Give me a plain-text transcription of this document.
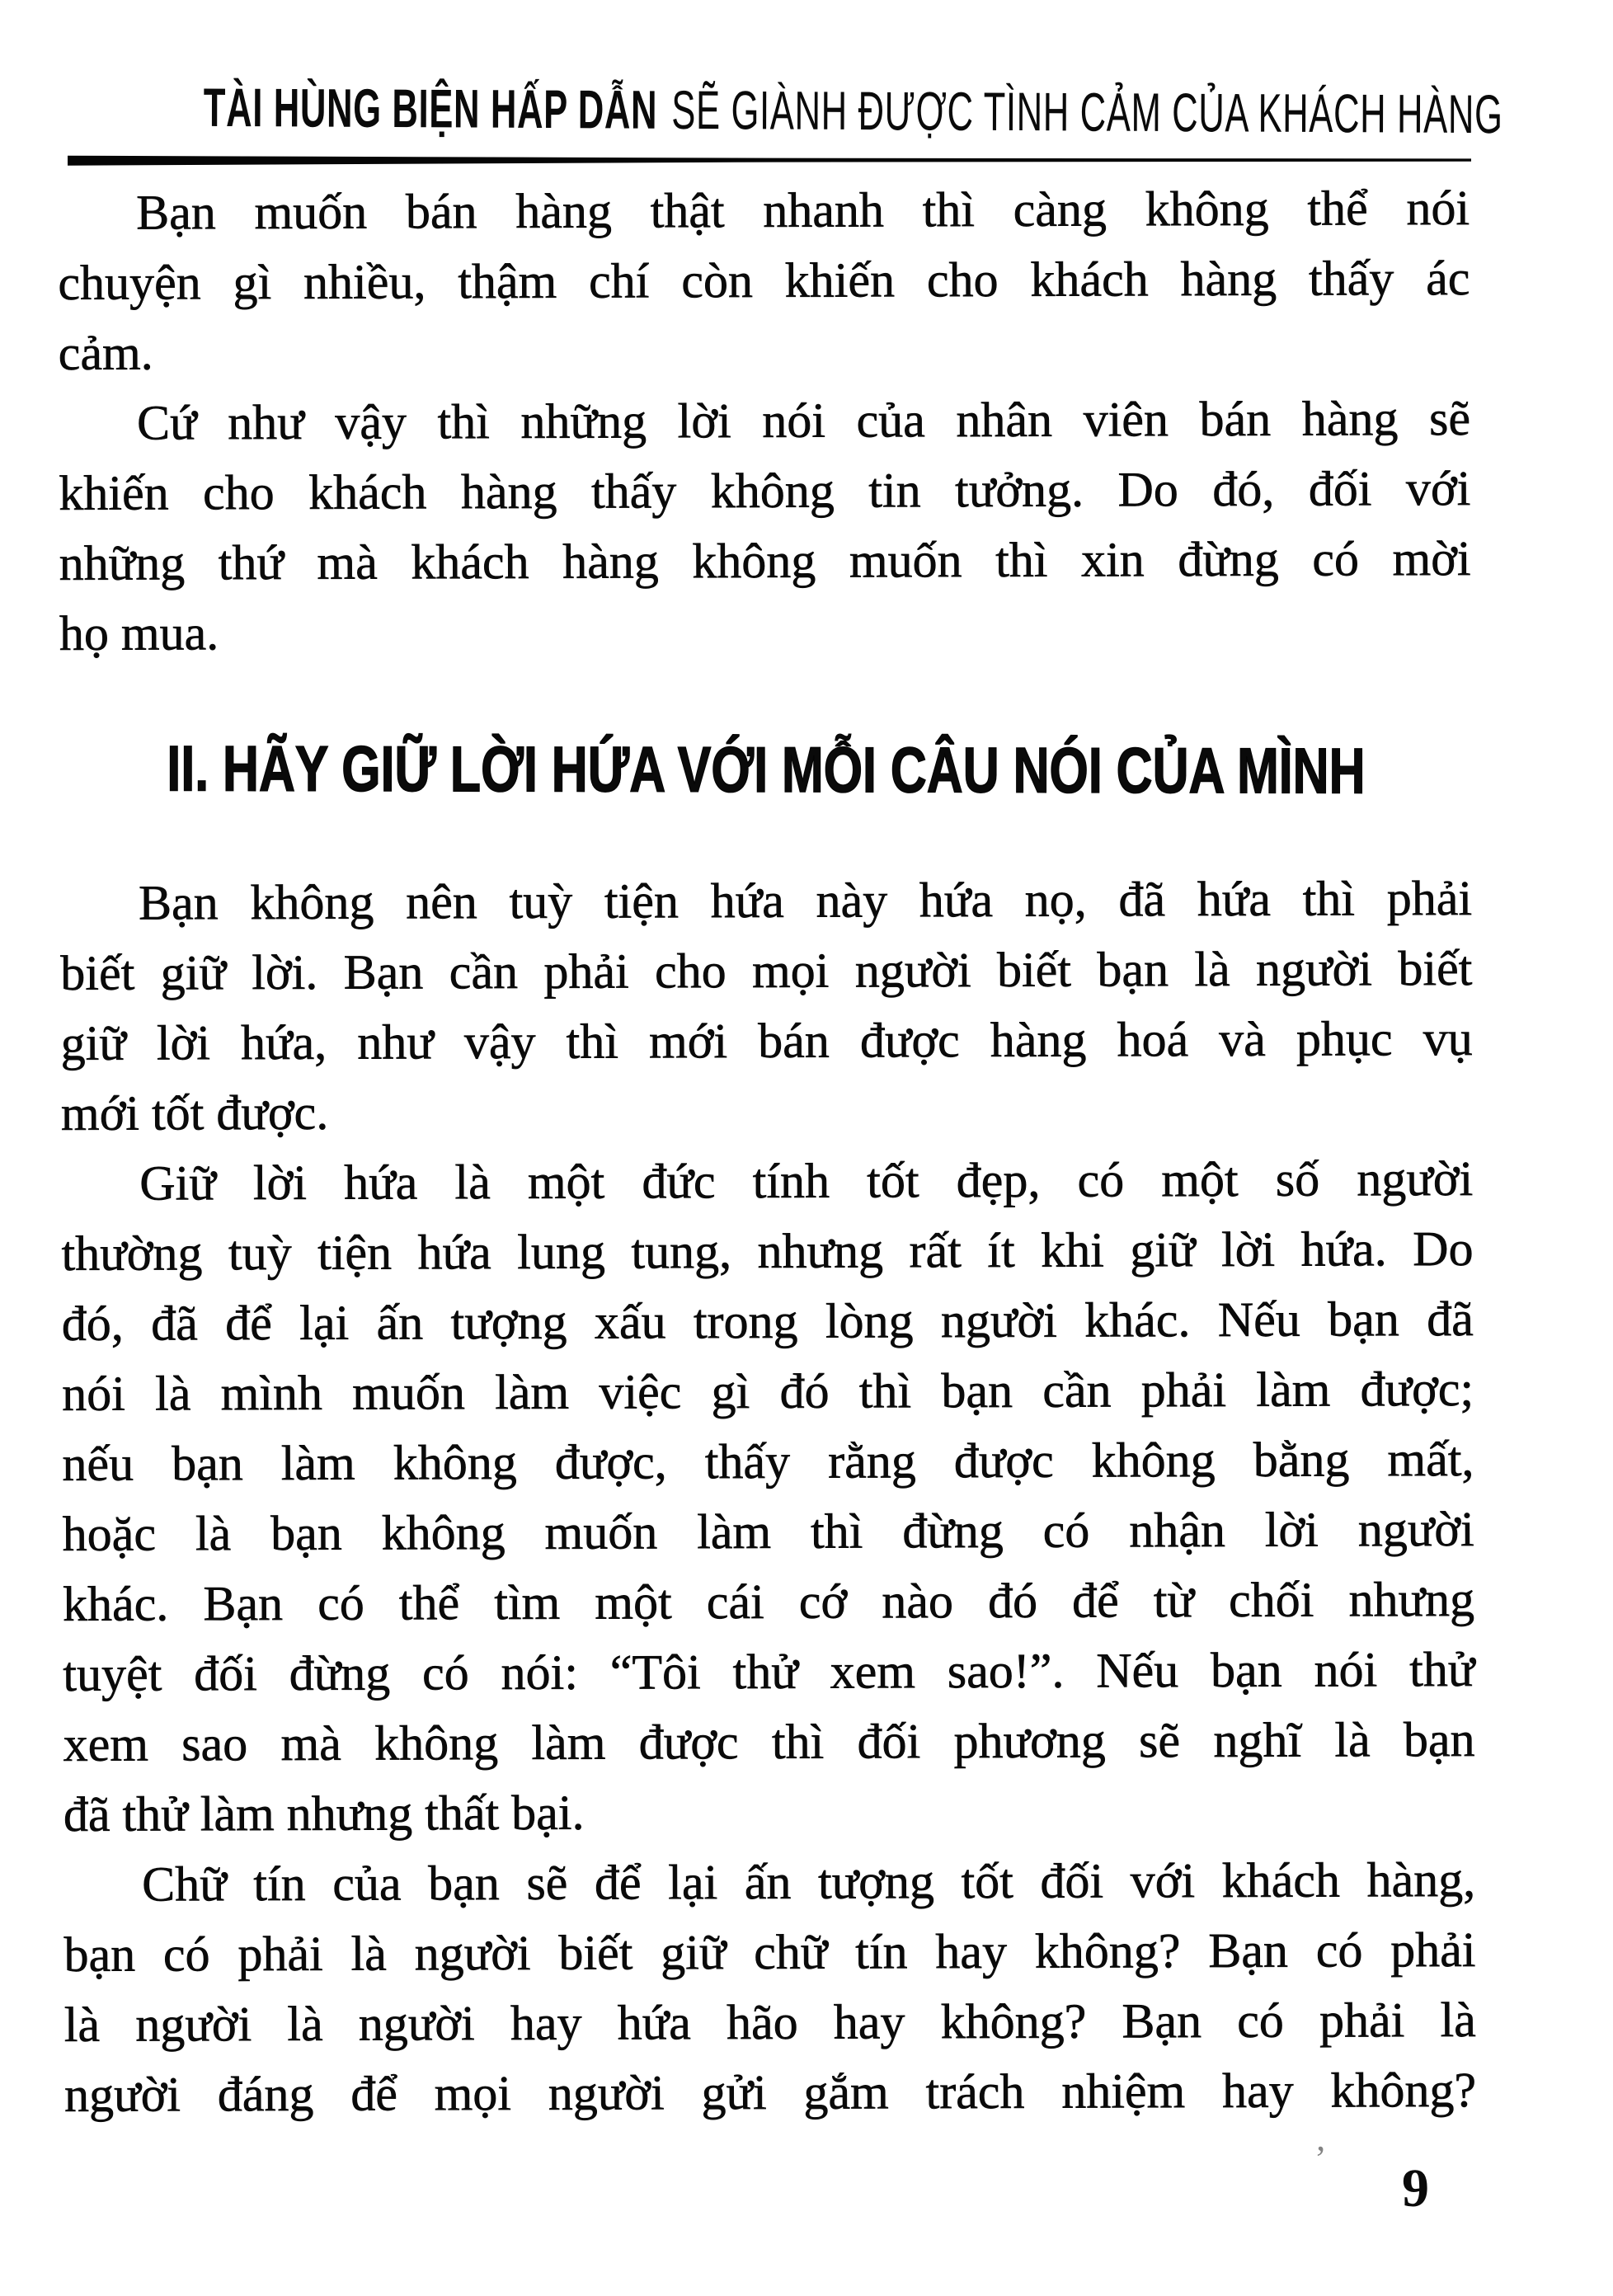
TÀI HÙNG BIỆN HẤP DẪN SẼ GIÀNH ĐƯỢC TÌNH CẢM CỦA KHÁCH HÀNG
Bạn muốn bán hàng thật nhanh thì càng không thể nói
chuyện gì nhiều, thậm chí còn khiến cho khách hàng thấy ác
cảm.
Cứ như vậy thì những lời nói của nhân viên bán hàng sẽ
khiến cho khách hàng thấy không tin tưởng. Do đó, đối với
những thứ mà khách hàng không muốn thì xin đừng có mời
họ mua.
II. HÃY GIỮ LỜI HỨA VỚI MỖI CÂU NÓI CỦA MÌNH
Bạn không nên tuỳ tiện hứa này hứa nọ, đã hứa thì phải
biết giữ lời. Bạn cần phải cho mọi người biết bạn là người biết
giữ lời hứa, như vậy thì mới bán được hàng hoá và phục vụ
mới tốt được.
Giữ lời hứa là một đức tính tốt đẹp, có một số người
thường tuỳ tiện hứa lung tung, nhưng rất ít khi giữ lời hứa. Do
đó, đã để lại ấn tượng xấu trong lòng người khác. Nếu bạn đã
nói là mình muốn làm việc gì đó thì bạn cần phải làm được;
nếu bạn làm không được, thấy rằng được không bằng mất,
hoặc là bạn không muốn làm thì đừng có nhận lời người
khác. Bạn có thể tìm một cái cớ nào đó để từ chối nhưng
tuyệt đối đừng có nói: “Tôi thử xem sao!”. Nếu bạn nói thử
xem sao mà không làm được thì đối phương sẽ nghĩ là bạn
đã thử làm nhưng thất bại.
Chữ tín của bạn sẽ để lại ấn tượng tốt đối với khách hàng,
bạn có phải là người biết giữ chữ tín hay không? Bạn có phải
là người là người hay hứa hão hay không? Bạn có phải là
người đáng để mọi người gửi gắm trách nhiệm hay không?
’ 9
